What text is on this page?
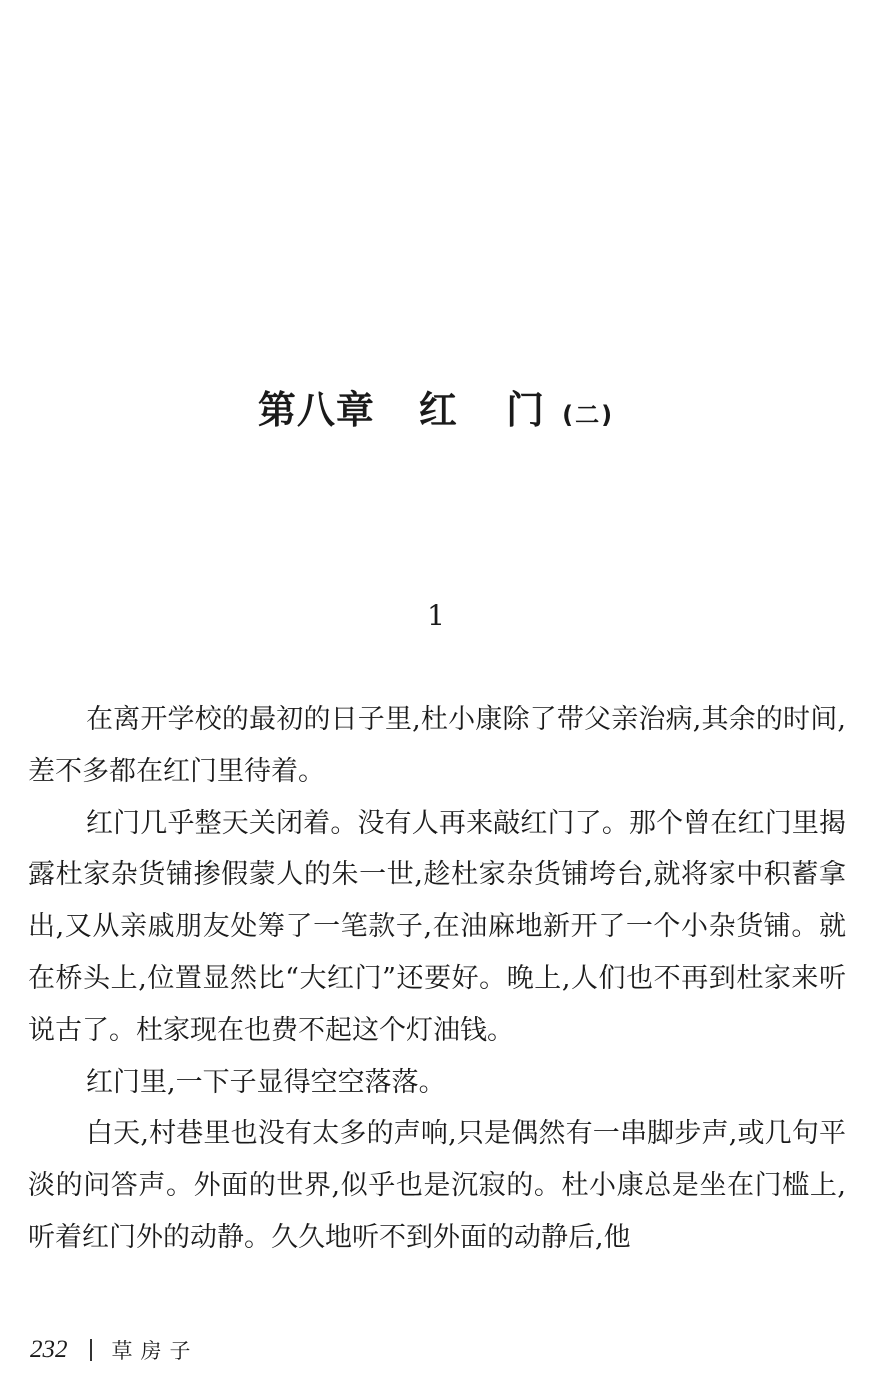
第八章 红 门(二)
1

在离开学校的最初的日子里,杜小康除了带父亲治病,其余的时间,差不多都在红门里待着。

红门几乎整天关闭着。没有人再来敲红门了。那个曾在红门里揭露杜家杂货铺掺假蒙人的朱一世,趁杜家杂货铺垮台,就将家中积蓄拿出,又从亲戚朋友处筹了一笔款子,在油麻地新开了一个小杂货铺。就在桥头上,位置显然比“大红门”还要好。晚上,人们也不再到杜家来听说古了。杜家现在也费不起这个灯油钱。

红门里,一下子显得空空落落。

白天,村巷里也没有太多的声响,只是偶然有一串脚步声,或几句平淡的问答声。外面的世界,似乎也是沉寂的。杜小康总是坐在门槛上,听着红门外的动静。久久地听不到外面的动静后,他

232 草房子
